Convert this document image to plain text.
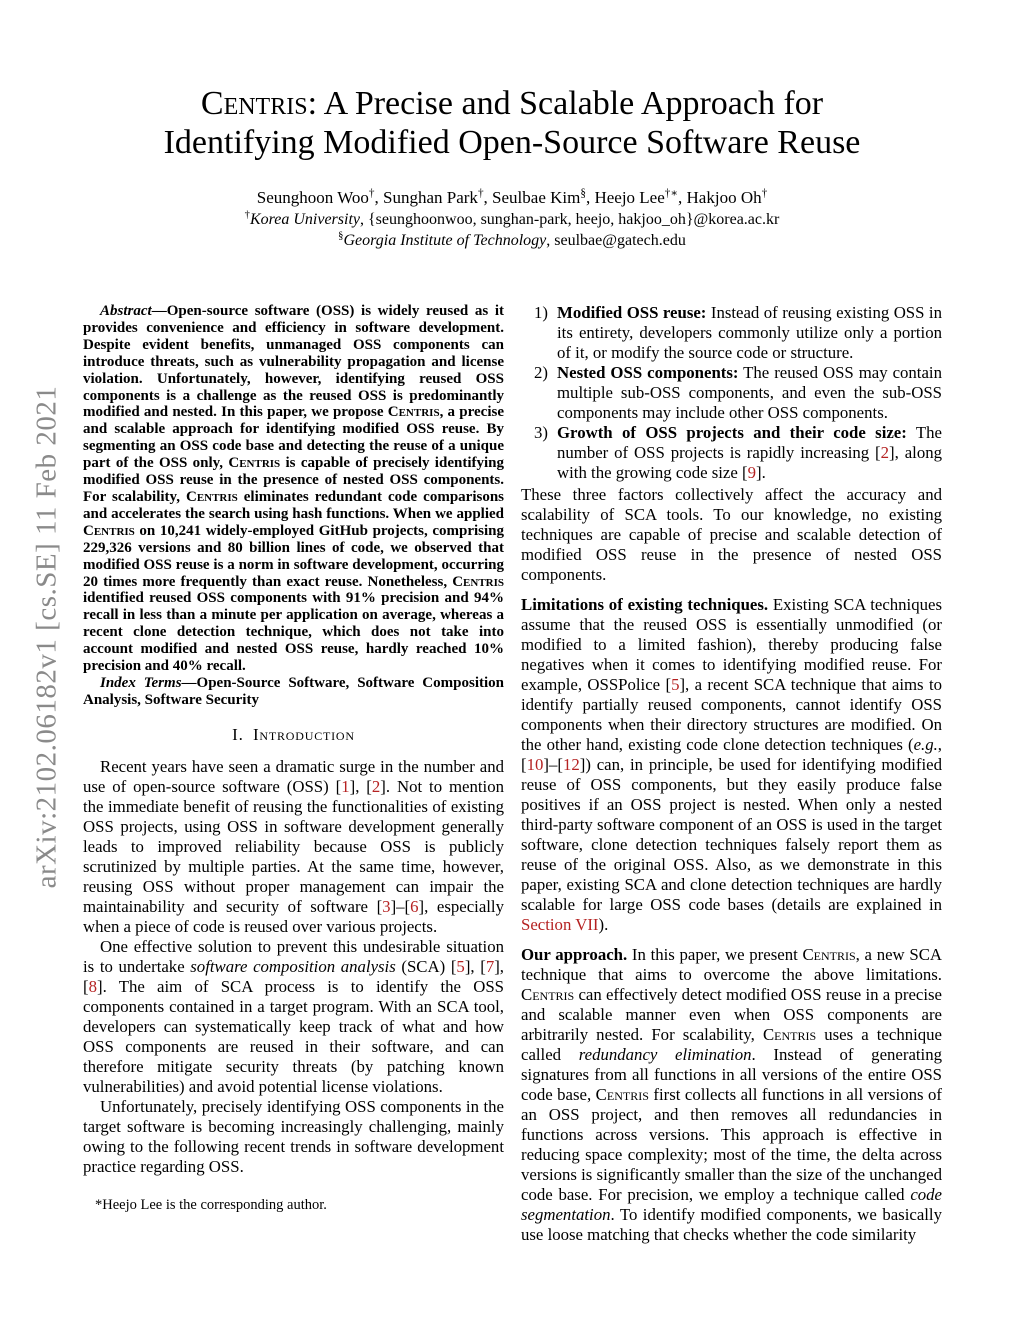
arXiv:2102.06182v1 [cs.SE] 11 Feb 2021
Centris: A Precise and Scalable Approach for
Identifying Modified Open-Source Software Reuse
Seunghoon Woo†, Sunghan Park†, Seulbae Kim§, Heejo Lee†∗, Hakjoo Oh†
†Korea University, {seunghoonwoo, sunghan-park, heejo, hakjoo_oh}@korea.ac.kr
§Georgia Institute of Technology, seulbae@gatech.edu

Abstract—Open-source software (OSS) is widely reused as it provides convenience and efficiency in software development. Despite evident benefits, unmanaged OSS components can introduce threats, such as vulnerability propagation and license violation. Unfortunately, however, identifying reused OSS components is a challenge as the reused OSS is predominantly modified and nested. In this paper, we propose Centris, a precise and scalable approach for identifying modified OSS reuse. By segmenting an OSS code base and detecting the reuse of a unique part of the OSS only, Centris is capable of precisely identifying modified OSS reuse in the presence of nested OSS components. For scalability, Centris eliminates redundant code comparisons and accelerates the search using hash functions. When we applied Centris on 10,241 widely-employed GitHub projects, comprising 229,326 versions and 80 billion lines of code, we observed that modified OSS reuse is a norm in software development, occurring 20 times more frequently than exact reuse. Nonetheless, Centris identified reused OSS components with 91% precision and 94% recall in less than a minute per application on average, whereas a recent clone detection technique, which does not take into account modified and nested OSS reuse, hardly reached 10% precision and 40% recall.

Index Terms—Open-Source Software, Software Composition Analysis, Software Security

I. Introduction

Recent years have seen a dramatic surge in the number and use of open-source software (OSS) [1], [2]. Not to mention the immediate benefit of reusing the functionalities of existing OSS projects, using OSS in software development generally leads to improved reliability because OSS is publicly scrutinized by multiple parties. At the same time, however, reusing OSS without proper management can impair the maintainability and security of software [3]–[6], especially when a piece of code is reused over various projects.

One effective solution to prevent this undesirable situation is to undertake software composition analysis (SCA) [5], [7], [8]. The aim of SCA process is to identify the OSS components contained in a target program. With an SCA tool, developers can systematically keep track of what and how OSS components are reused in their software, and can therefore mitigate security threats (by patching known vulnerabilities) and avoid potential license violations.

Unfortunately, precisely identifying OSS components in the target software is becoming increasingly challenging, mainly owing to the following recent trends in software development practice regarding OSS.

*Heejo Lee is the corresponding author.
1) Modified OSS reuse: Instead of reusing existing OSS in its entirety, developers commonly utilize only a portion of it, or modify the source code or structure.

2) Nested OSS components: The reused OSS may contain multiple sub-OSS components, and even the sub-OSS components may include other OSS components.

3) Growth of OSS projects and their code size: The number of OSS projects is rapidly increasing [2], along with the growing code size [9].

These three factors collectively affect the accuracy and scalability of SCA tools. To our knowledge, no existing techniques are capable of precise and scalable detection of modified OSS reuse in the presence of nested OSS components.

Limitations of existing techniques. Existing SCA techniques assume that the reused OSS is essentially unmodified (or modified to a limited fashion), thereby producing false negatives when it comes to identifying modified reuse. For example, OSSPolice [5], a recent SCA technique that aims to identify partially reused components, cannot identify OSS components when their directory structures are modified. On the other hand, existing code clone detection techniques (e.g., [10]–[12]) can, in principle, be used for identifying modified reuse of OSS components, but they easily produce false positives if an OSS project is nested. When only a nested third-party software component of an OSS is used in the target software, clone detection techniques falsely report them as reuse of the original OSS. Also, as we demonstrate in this paper, existing SCA and clone detection techniques are hardly scalable for large OSS code bases (details are explained in Section VII).

Our approach. In this paper, we present Centris, a new SCA technique that aims to overcome the above limitations. Centris can effectively detect modified OSS reuse in a precise and scalable manner even when OSS components are arbitrarily nested. For scalability, Centris uses a technique called redundancy elimination. Instead of generating signatures from all functions in all versions of the entire OSS code base, Centris first collects all functions in all versions of an OSS project, and then removes all redundancies in functions across versions. This approach is effective in reducing space complexity; most of the time, the delta across versions is significantly smaller than the size of the unchanged code base. For precision, we employ a technique called code segmentation. To identify modified components, we basically use loose matching that checks whether the code similarity
